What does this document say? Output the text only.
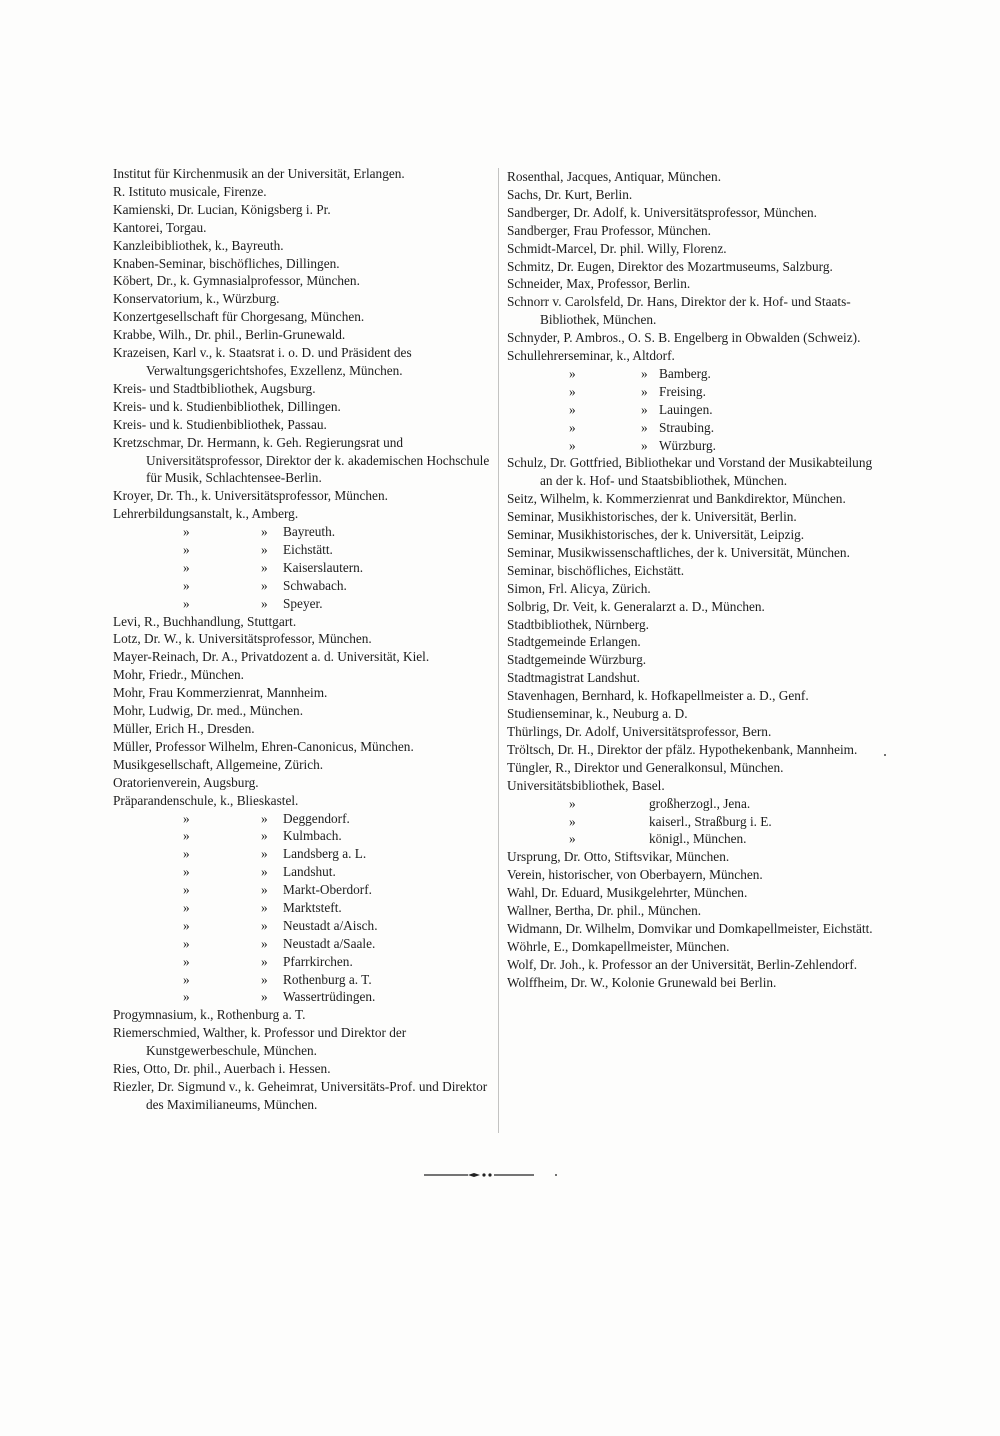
Institut für Kirchenmusik an der Universität, Erlangen.
R. Istituto musicale, Firenze.
Kamienski, Dr. Lucian, Königsberg i. Pr.
Kantorei, Torgau.
Kanzleibibliothek, k., Bayreuth.
Knaben-Seminar, bischöfliches, Dillingen.
Köbert, Dr., k. Gymnasialprofessor, München.
Konservatorium, k., Würzburg.
Konzertgesellschaft für Chorgesang, München.
Krabbe, Wilh., Dr. phil., Berlin-Grunewald.
Krazeisen, Karl v., k. Staatsrat i. o. D. und Präsident des Verwaltungsgerichtshofes, Exzellenz, München.
Kreis- und Stadtbibliothek, Augsburg.
Kreis- und k. Studienbibliothek, Dillingen.
Kreis- und k. Studienbibliothek, Passau.
Kretzschmar, Dr. Hermann, k. Geh. Regierungsrat und Universitätsprofessor, Direktor der k. akademischen Hochschule für Musik, Schlachtensee-Berlin.
Kroyer, Dr. Th., k. Universitätsprofessor, München.
Lehrerbildungsanstalt, k., Amberg.
»	» Bayreuth.
»	» Eichstätt.
»	» Kaiserslautern.
»	» Schwabach.
»	» Speyer.
Levi, R., Buchhandlung, Stuttgart.
Lotz, Dr. W., k. Universitätsprofessor, München.
Mayer-Reinach, Dr. A., Privatdozent a. d. Universität, Kiel.
Mohr, Friedr., München.
Mohr, Frau Kommerzienrat, Mannheim.
Mohr, Ludwig, Dr. med., München.
Müller, Erich H., Dresden.
Müller, Professor Wilhelm, Ehren-Canonicus, München.
Musikgesellschaft, Allgemeine, Zürich.
Oratorienverein, Augsburg.
Präparandenschule, k., Blieskastel.
»	» Deggendorf.
»	» Kulmbach.
»	» Landsberg a. L.
»	» Landshut.
»	» Markt-Oberdorf.
»	» Marktsteft.
»	» Neustadt a/Aisch.
»	» Neustadt a/Saale.
»	» Pfarrkirchen.
»	» Rothenburg a. T.
»	» Wassertrüdingen.
Progymnasium, k., Rothenburg a. T.
Riemerschmied, Walther, k. Professor und Direktor der Kunstgewerbeschule, München.
Ries, Otto, Dr. phil., Auerbach i. Hessen.
Riezler, Dr. Sigmund v., k. Geheimrat, Universitäts-Prof. und Direktor des Maximilianeums, München.
Rosenthal, Jacques, Antiquar, München.
Sachs, Dr. Kurt, Berlin.
Sandberger, Dr. Adolf, k. Universitätsprofessor, München.
Sandberger, Frau Professor, München.
Schmidt-Marcel, Dr. phil. Willy, Florenz.
Schmitz, Dr. Eugen, Direktor des Mozartmuseums, Salzburg.
Schneider, Max, Professor, Berlin.
Schnorr v. Carolsfeld, Dr. Hans, Direktor der k. Hof- und Staats-Bibliothek, München.
Schnyder, P. Ambros., O. S. B. Engelberg in Obwalden (Schweiz).
Schullehrerseminar, k., Altdorf.
»	» Bamberg.
»	» Freising.
»	» Lauingen.
»	» Straubing.
»	» Würzburg.
Schulz, Dr. Gottfried, Bibliothekar und Vorstand der Musikabteilung an der k. Hof- und Staatsbibliothek, München.
Seitz, Wilhelm, k. Kommerzienrat und Bankdirektor, München.
Seminar, Musikhistorisches, der k. Universität, Berlin.
Seminar, Musikhistorisches, der k. Universität, Leipzig.
Seminar, Musikwissenschaftliches, der k. Universität, München.
Seminar, bischöfliches, Eichstätt.
Simon, Frl. Alicya, Zürich.
Solbrig, Dr. Veit, k. Generalarzt a. D., München.
Stadtbibliothek, Nürnberg.
Stadtgemeinde Erlangen.
Stadtgemeinde Würzburg.
Stadtmagistrat Landshut.
Stavenhagen, Bernhard, k. Hofkapellmeister a. D., Genf.
Studienseminar, k., Neuburg a. D.
Thürlings, Dr. Adolf, Universitätsprofessor, Bern.
Tröltsch, Dr. H., Direktor der pfälz. Hypothekenbank, Mannheim.
Tüngler, R., Direktor und Generalkonsul, München.
Universitätsbibliothek, Basel.
»	großherzogl., Jena.
»	kaiserl., Straßburg i. E.
»	königl., München.
Ursprung, Dr. Otto, Stiftsvikar, München.
Verein, historischer, von Oberbayern, München.
Wahl, Dr. Eduard, Musikgelehrter, München.
Wallner, Bertha, Dr. phil., München.
Widmann, Dr. Wilhelm, Domvikar und Domkapellmeister, Eichstätt.
Wöhrle, E., Domkapellmeister, München.
Wolf, Dr. Joh., k. Professor an der Universität, Berlin-Zehlendorf.
Wolffheim, Dr. W., Kolonie Grunewald bei Berlin.
